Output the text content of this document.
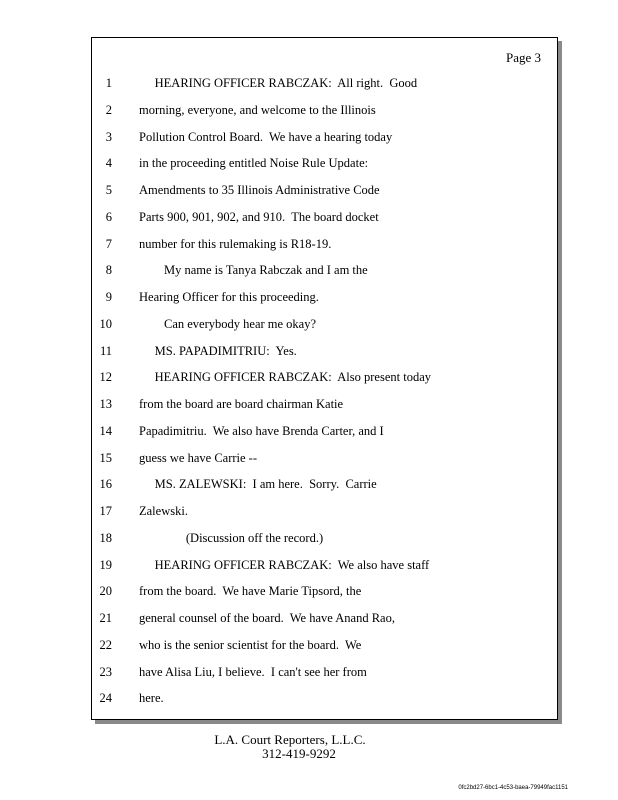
Page 3
1 HEARING OFFICER RABCZAK:  All right.  Good
2 morning, everyone, and welcome to the Illinois
3 Pollution Control Board.  We have a hearing today
4 in the proceeding entitled Noise Rule Update:
5 Amendments to 35 Illinois Administrative Code
6 Parts 900, 901, 902, and 910.  The board docket
7 number for this rulemaking is R18-19.
8 My name is Tanya Rabczak and I am the
9 Hearing Officer for this proceeding.
10 Can everybody hear me okay?
11 MS. PAPADIMITRIU:  Yes.
12 HEARING OFFICER RABCZAK:  Also present today
13 from the board are board chairman Katie
14 Papadimitriu.  We also have Brenda Carter, and I
15 guess we have Carrie --
16 MS. ZALEWSKI:  I am here.  Sorry.  Carrie
17 Zalewski.
18 (Discussion off the record.)
19 HEARING OFFICER RABCZAK:  We also have staff
20 from the board.  We have Marie Tipsord, the
21 general counsel of the board.  We have Anand Rao,
22 who is the senior scientist for the board.  We
23 have Alisa Liu, I believe.  I can't see her from
24 here.
L.A. Court Reporters, L.L.C.
312-419-9292
0fc2bd27-6bc1-4c53-baea-79949fac1151
